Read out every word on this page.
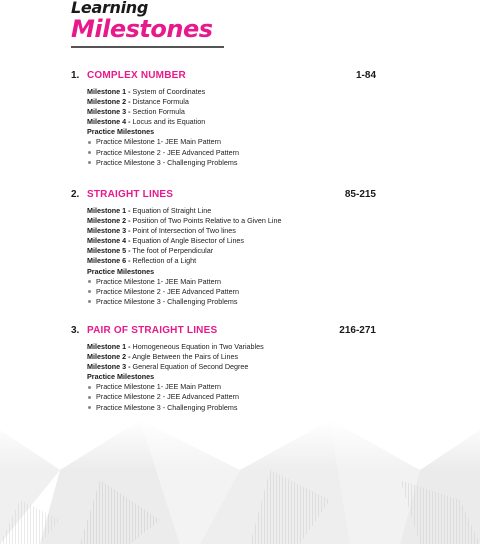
Learning
Milestones
1. COMPLEX NUMBER	1-84
Milestone 1 - System of Coordinates
Milestone 2 - Distance Formula
Milestone 3 - Section Formula
Milestone 4 - Locus and its Equation
Practice Milestones
Practice Milestone 1- JEE Main Pattern
Practice Milestone 2 - JEE Advanced Pattern
Practice Milestone 3 - Challenging Problems
2. STRAIGHT LINES	85-215
Milestone 1 - Equation of Straight Line
Milestone 2 - Position of Two Points Relative to a Given Line
Milestone 3 - Point of Intersection of Two lines
Milestone 4 - Equation of Angle Bisector of Lines
Milestone 5 - The foot of Perpendicular
Milestone 6 - Reflection of a Light
Practice Milestones
Practice Milestone 1- JEE Main Pattern
Practice Milestone 2 - JEE Advanced Pattern
Practice Milestone 3 - Challenging Problems
3. PAIR OF STRAIGHT LINES	216-271
Milestone 1 - Homogeneous Equation in Two Variables
Milestone 2 - Angle Between the Pairs of Lines
Milestone 3 - General Equation of Second Degree
Practice Milestones
Practice Milestone 1- JEE Main Pattern
Practice Milestone 2 - JEE Advanced Pattern
Practice Milestone 3 - Challenging Problems
